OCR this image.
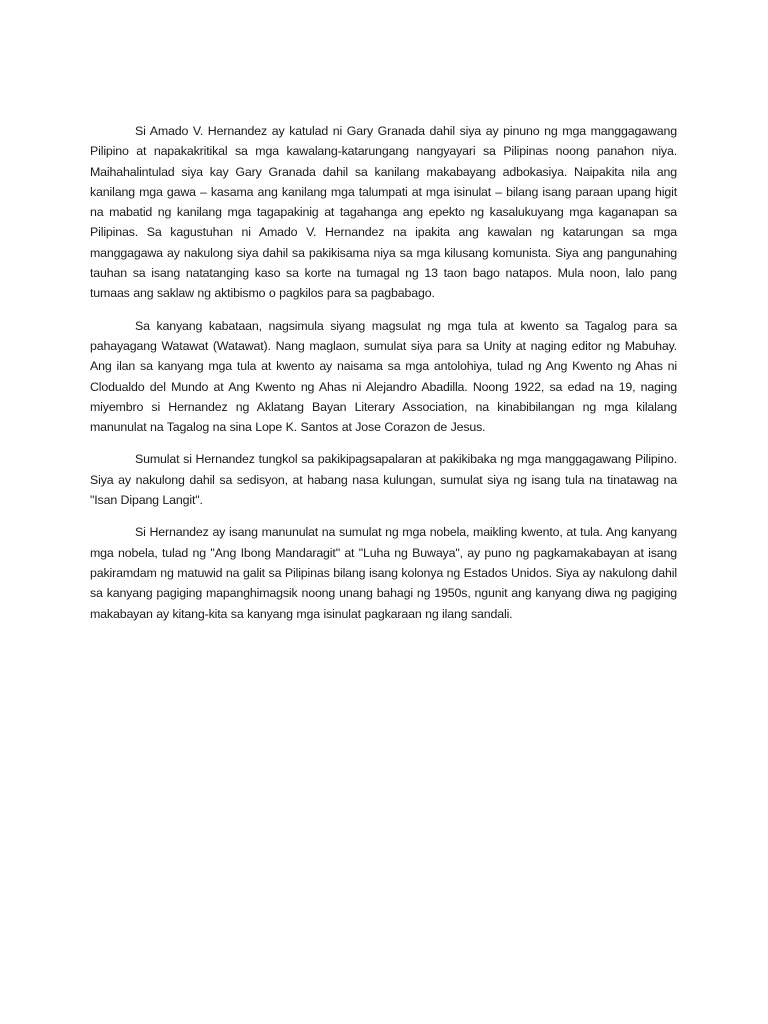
Si Amado V. Hernandez ay katulad ni Gary Granada dahil siya ay pinuno ng mga manggagawang Pilipino at napakakritikal sa mga kawalang-katarungang nangyayari sa Pilipinas noong panahon niya. Maihahalintulad siya kay Gary Granada dahil sa kanilang makabayang adbokasiya. Naipakita nila ang kanilang mga gawa – kasama ang kanilang mga talumpati at mga isinulat – bilang isang paraan upang higit na mabatid ng kanilang mga tagapakinig at tagahanga ang epekto ng kasalukuyang mga kaganapan sa Pilipinas. Sa kagustuhan ni Amado V. Hernandez na ipakita ang kawalan ng katarungan sa mga manggagawa ay nakulong siya dahil sa pakikisama niya sa mga kilusang komunista. Siya ang pangunahing tauhan sa isang natatanging kaso sa korte na tumagal ng 13 taon bago natapos. Mula noon, lalo pang tumaas ang saklaw ng aktibismo o pagkilos para sa pagbabago.

Sa kanyang kabataan, nagsimula siyang magsulat ng mga tula at kwento sa Tagalog para sa pahayagang Watawat (Watawat). Nang maglaon, sumulat siya para sa Unity at naging editor ng Mabuhay. Ang ilan sa kanyang mga tula at kwento ay naisama sa mga antolohiya, tulad ng Ang Kwento ng Ahas ni Clodualdo del Mundo at Ang Kwento ng Ahas ni Alejandro Abadilla. Noong 1922, sa edad na 19, naging miyembro si Hernandez ng Aklatang Bayan Literary Association, na kinabibilangan ng mga kilalang manunulat na Tagalog na sina Lope K. Santos at Jose Corazon de Jesus.

Sumulat si Hernandez tungkol sa pakikipagsapalaran at pakikibaka ng mga manggagawang Pilipino. Siya ay nakulong dahil sa sedisyon, at habang nasa kulungan, sumulat siya ng isang tula na tinatawag na "Isan Dipang Langit".

Si Hernandez ay isang manunulat na sumulat ng mga nobela, maikling kwento, at tula. Ang kanyang mga nobela, tulad ng "Ang Ibong Mandaragit" at "Luha ng Buwaya", ay puno ng pagkamakabayan at isang pakiramdam ng matuwid na galit sa Pilipinas bilang isang kolonya ng Estados Unidos. Siya ay nakulong dahil sa kanyang pagiging mapanghimagsik noong unang bahagi ng 1950s, ngunit ang kanyang diwa ng pagiging makabayan ay kitang-kita sa kanyang mga isinulat pagkaraan ng ilang sandali.
